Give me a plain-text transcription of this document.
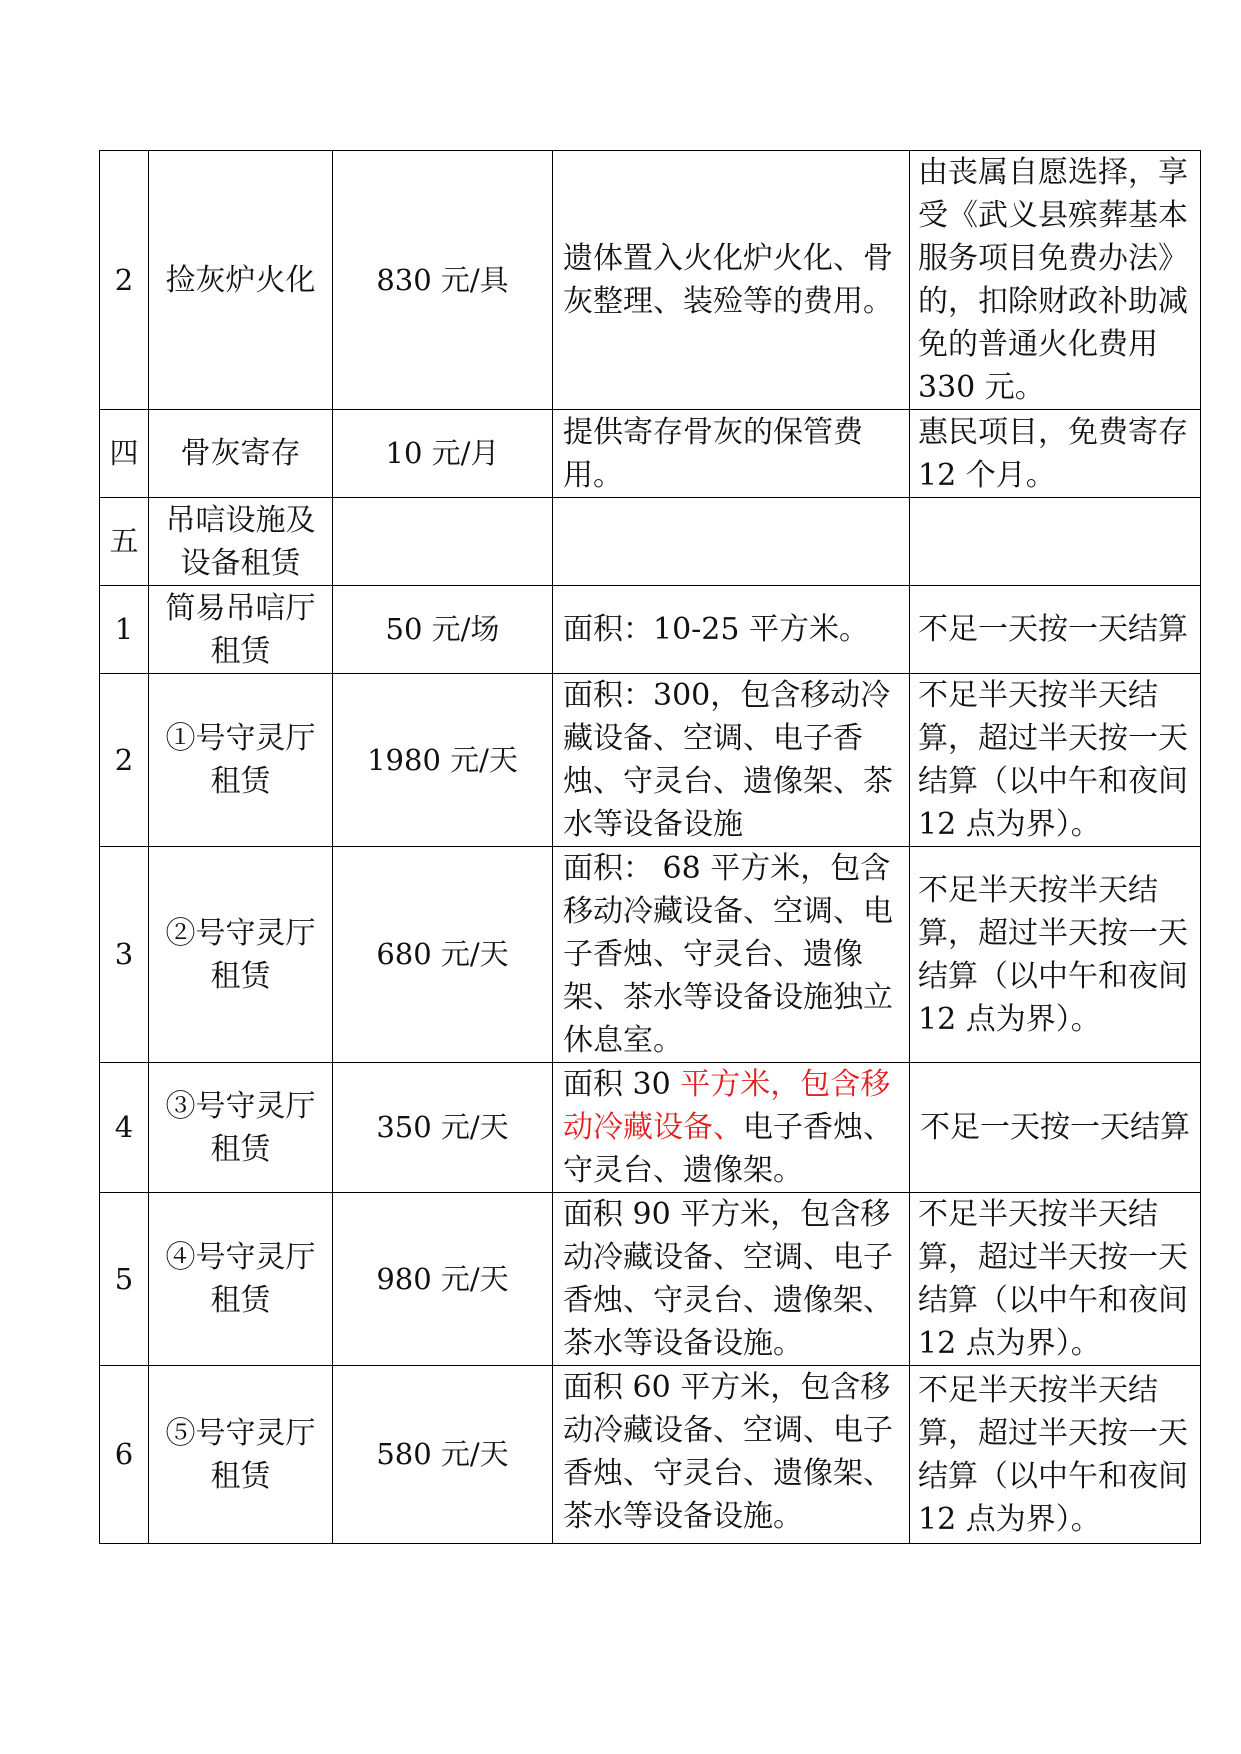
2	捡灰炉火化	830 元/具	遗体置入火化炉火化、骨灰整理、装殓等的费用。	由丧属自愿选择，享受《武义县殡葬基本服务项目免费办法》的，扣除财政补助减免的普通火化费用 330 元。
四	骨灰寄存	10 元/月	提供寄存骨灰的保管费用。	惠民项目，免费寄存 12 个月。
五	吊唁设施及设备租赁			
1	简易吊唁厅租赁	50 元/场	面积：10-25 平方米。	不足一天按一天结算
2	①号守灵厅租赁	1980 元/天	面积：300，包含移动冷藏设备、空调、电子香烛、守灵台、遗像架、茶水等设备设施	不足半天按半天结算，超过半天按一天结算（以中午和夜间 12 点为界）。
3	②号守灵厅租赁	680 元/天	面积： 68 平方米，包含移动冷藏设备、空调、电子香烛、守灵台、遗像架、茶水等设备设施独立休息室。	不足半天按半天结算，超过半天按一天结算（以中午和夜间 12 点为界）。
4	③号守灵厅租赁	350 元/天	面积 30 平方米，包含移动冷藏设备、电子香烛、守灵台、遗像架。	不足一天按一天结算
5	④号守灵厅租赁	980 元/天	面积 90 平方米，包含移动冷藏设备、空调、电子香烛、守灵台、遗像架、茶水等设备设施。	不足半天按半天结算，超过半天按一天结算（以中午和夜间 12 点为界）。
6	⑤号守灵厅租赁	580 元/天	面积 60 平方米，包含移动冷藏设备、空调、电子香烛、守灵台、遗像架、茶水等设备设施。	不足半天按半天结算，超过半天按一天结算（以中午和夜间 12 点为界）。
